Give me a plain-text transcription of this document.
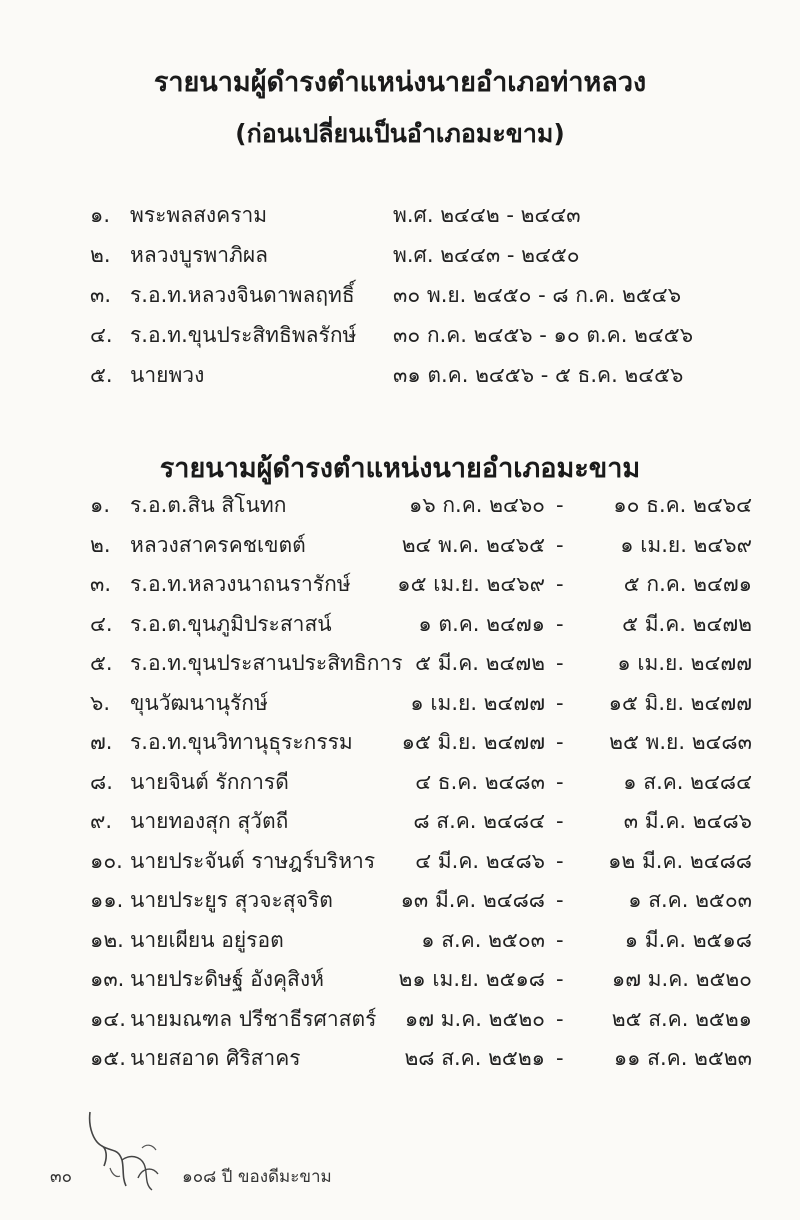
รายนามผู้ดำรงตำแหน่งนายอำเภอท่าหลวง
(ก่อนเปลี่ยนเป็นอำเภอมะขาม)
๑. พระพลสงคราม	พ.ศ. ๒๔๔๒ - ๒๔๔๓
๒. หลวงบูรพาภิผล	พ.ศ. ๒๔๔๓ - ๒๔๕๐
๓. ร.อ.ท.หลวงจินดาพลฤทธิ์ ๓๐ พ.ย. ๒๔๕๐ - ๘ ก.ค. ๒๕๔๖
๔. ร.อ.ท.ขุนประสิทธิพลรักษ์ ๓๐ ก.ค. ๒๔๕๖ - ๑๐ ต.ค. ๒๔๕๖
๕. นายพวง	๓๑ ต.ค. ๒๔๕๖ - ๕ ธ.ค. ๒๔๕๖
รายนามผู้ดำรงตำแหน่งนายอำเภอมะขาม
๑. ร.อ.ต.สิน สิโนทก	๑๖ ก.ค. ๒๔๖๐ - ๑๐ ธ.ค. ๒๔๖๔
๒. หลวงสาครคชเขตต์	๒๔ พ.ค. ๒๔๖๕ -	๑ เม.ย. ๒๔๖๙
๓. ร.อ.ท.หลวงนาถนรารักษ์ ๑๕ เม.ย. ๒๔๖๙ -	๕ ก.ค. ๒๔๗๑
๔. ร.อ.ต.ขุนภูมิประสาสน์	๑ ต.ค. ๒๔๗๑ -	๕ มี.ค. ๒๔๗๒
๕. ร.อ.ท.ขุนประสานประสิทธิการ ๕ มี.ค. ๒๔๗๒ -	๑ เม.ย. ๒๔๗๗
๖. ขุนวัฒนานุรักษ์	๑ เม.ย. ๒๔๗๗ - ๑๕ มิ.ย. ๒๔๗๗
๗. ร.อ.ท.ขุนวิทานุธุระกรรม ๑๕ มิ.ย. ๒๔๗๗ - ๒๕ พ.ย. ๒๔๘๓
๘. นายจินต์ รักการดี	๔ ธ.ค. ๒๔๘๓ -	๑ ส.ค. ๒๔๘๔
๙. นายทองสุก สุวัตถี	๘ ส.ค. ๒๔๘๔ -	๓ มี.ค. ๒๔๘๖
๑๐. นายประจันต์ ราษฎร์บริหาร ๔ มี.ค. ๒๔๘๖ - ๑๒ มี.ค. ๒๔๘๘
๑๑. นายประยูร สุวจะสุจริต	๑๓ มี.ค. ๒๔๘๘ -	๑ ส.ค. ๒๕๐๓
๑๒. นายเผียน อยู่รอต	๑ ส.ค. ๒๕๐๓ -	๑ มี.ค. ๒๕๑๘
๑๓. นายประดิษฐ์ อังคุสิงห์	๒๑ เม.ย. ๒๕๑๘ - ๑๗ ม.ค. ๒๕๒๐
๑๔. นายมณฑล ปรีชาธีรศาสตร์ ๑๗ ม.ค. ๒๕๒๐ - ๒๕ ส.ค. ๒๕๒๑
๑๕. นายสอาด ศิริสาคร	๒๘ ส.ค. ๒๕๒๑ - ๑๑ ส.ค. ๒๕๒๓
๓๐	๑๐๘ ปี ของดีมะขาม
